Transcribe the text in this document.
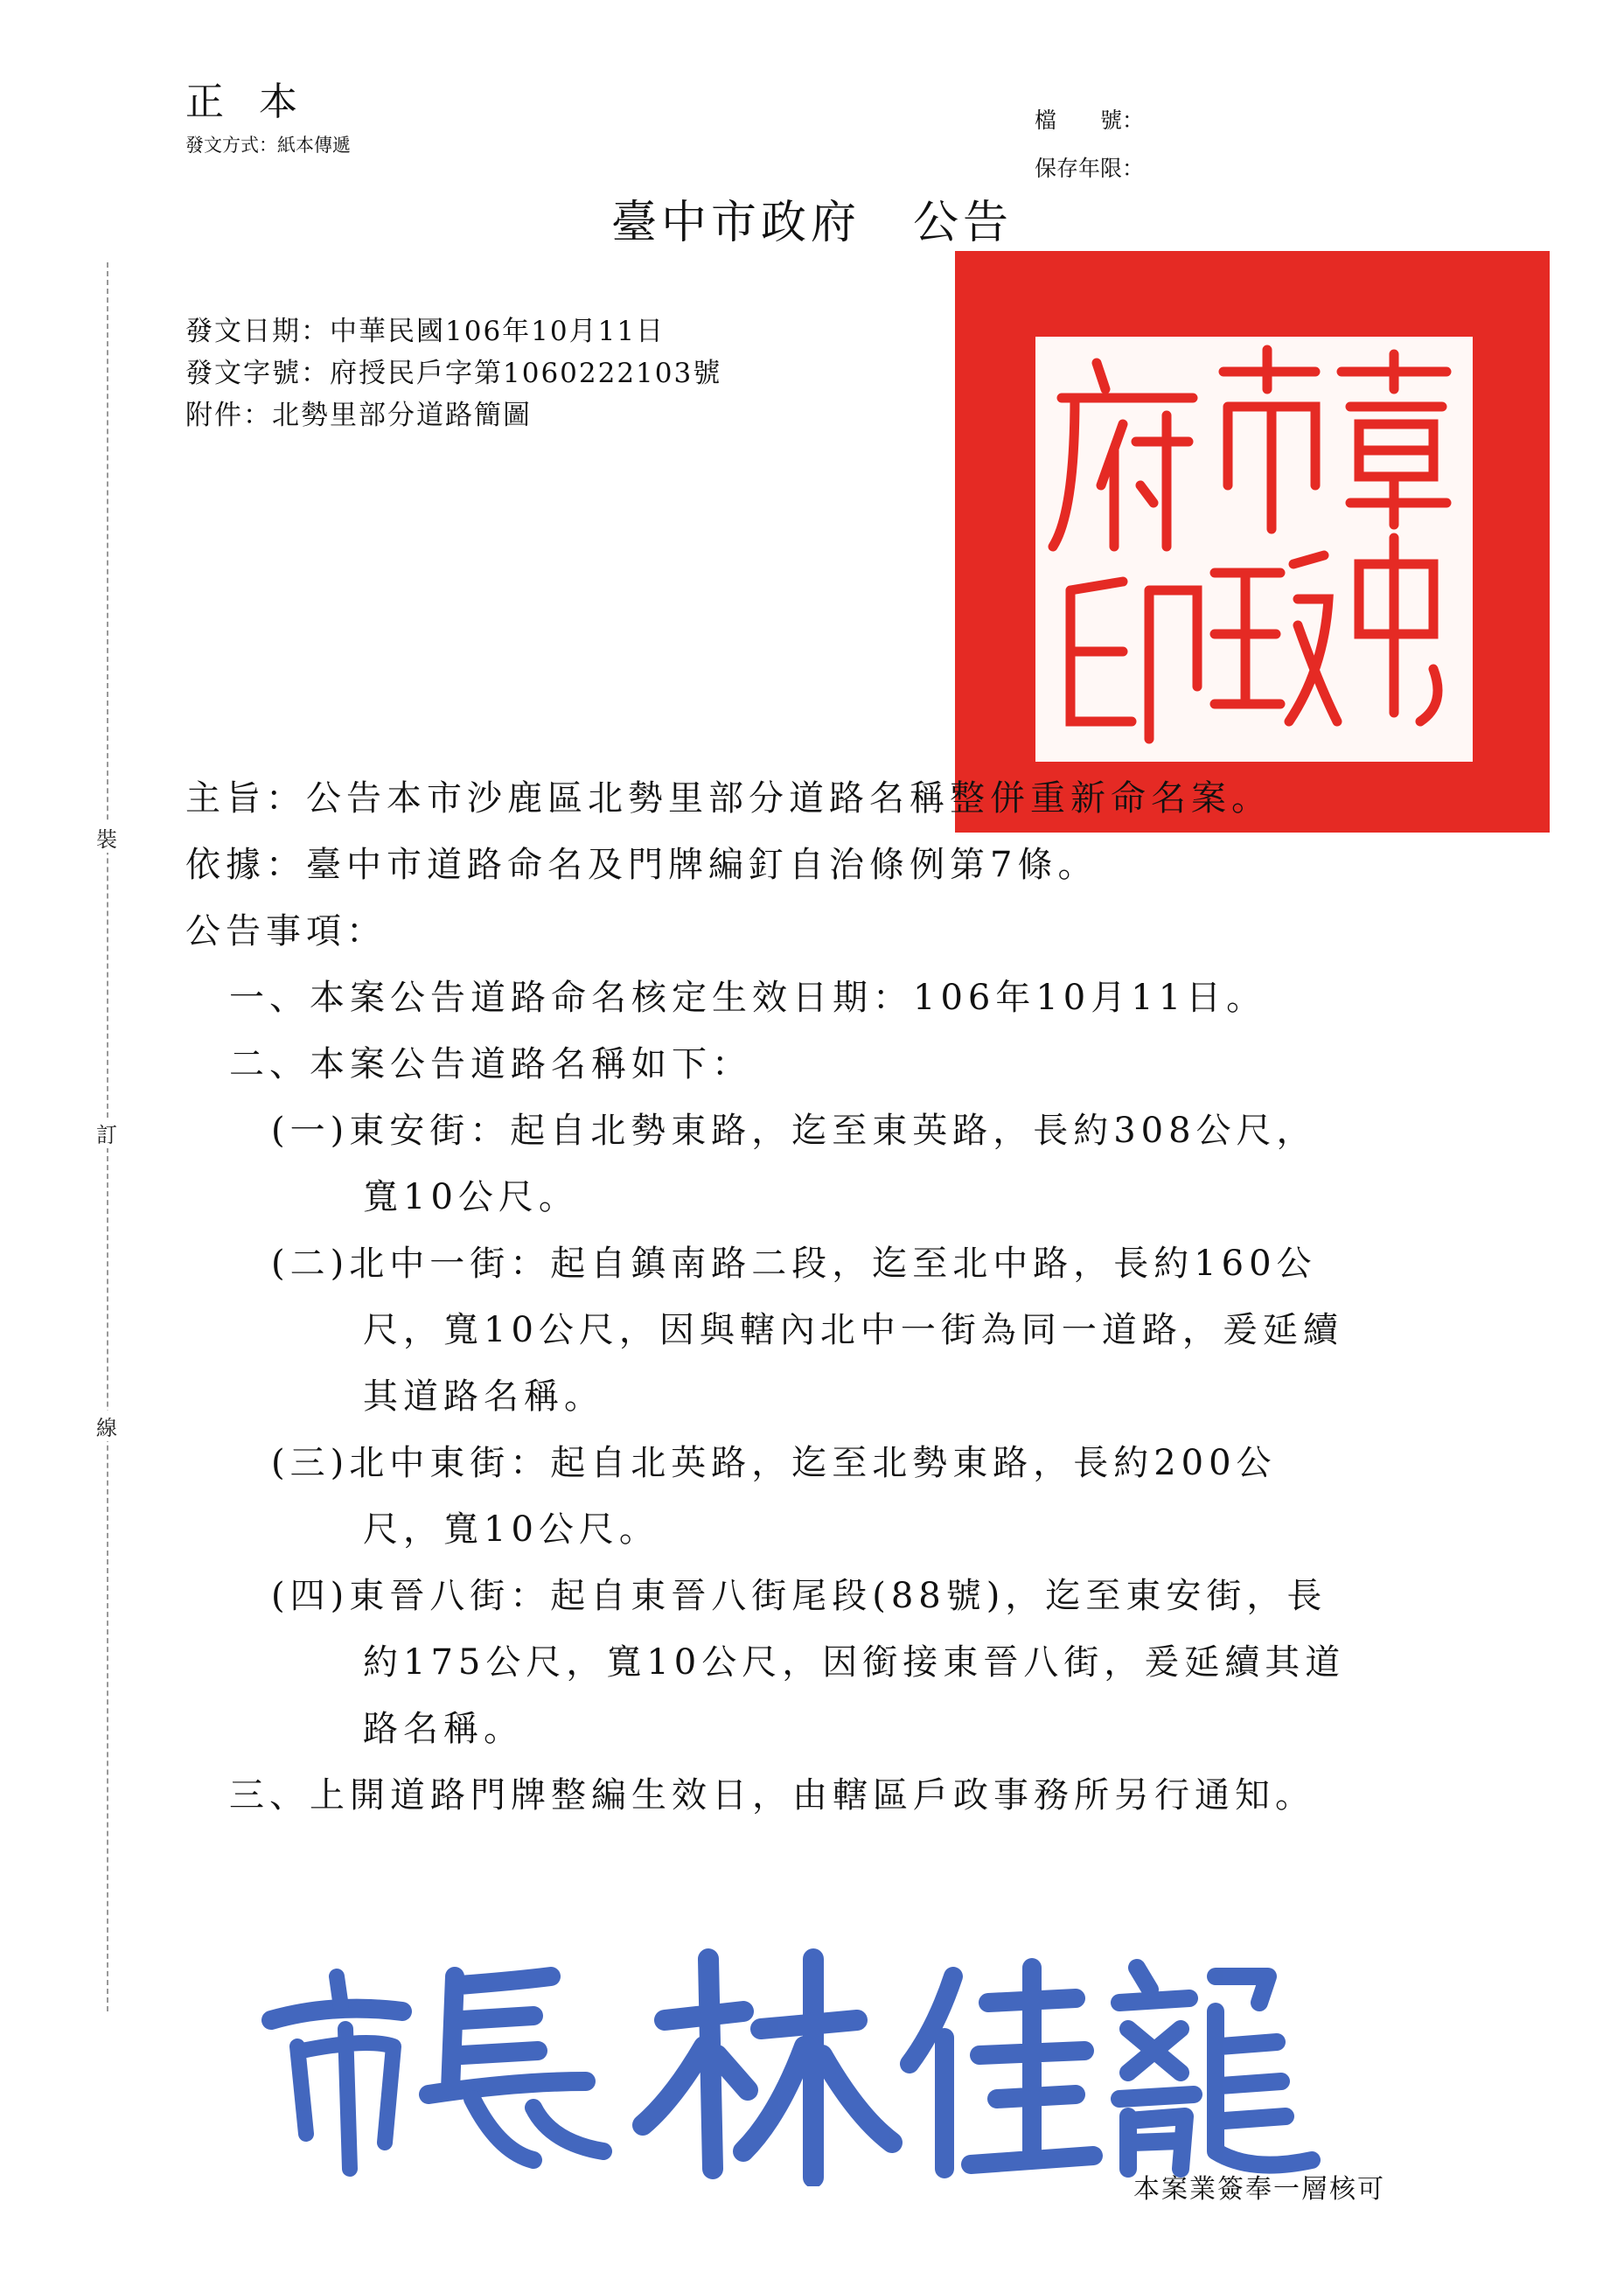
正本
發文方式：紙本傳遞
檔　　號：
保存年限：
臺中市政府 公告
發文日期：中華民國106年10月11日
發文字號：府授民戶字第1060222103號
附件：北勢里部分道路簡圖
裝
訂
線
主旨：公告本市沙鹿區北勢里部分道路名稱整併重新命名案。
依據：臺中市道路命名及門牌編釘自治條例第7條。
公告事項：
一、本案公告道路命名核定生效日期：106年10月11日。
二、本案公告道路名稱如下：
(一)東安街：起自北勢東路，迄至東英路，長約308公尺，
寬10公尺。
(二)北中一街：起自鎮南路二段，迄至北中路，長約160公
尺，寬10公尺，因與轄內北中一街為同一道路，爰延續
其道路名稱。
(三)北中東街：起自北英路，迄至北勢東路，長約200公
尺，寬10公尺。
(四)東晉八街：起自東晉八街尾段(88號)，迄至東安街，長
約175公尺，寬10公尺，因銜接東晉八街，爰延續其道
路名稱。
三、上開道路門牌整編生效日，由轄區戶政事務所另行通知。
本案業簽奉一層核可
